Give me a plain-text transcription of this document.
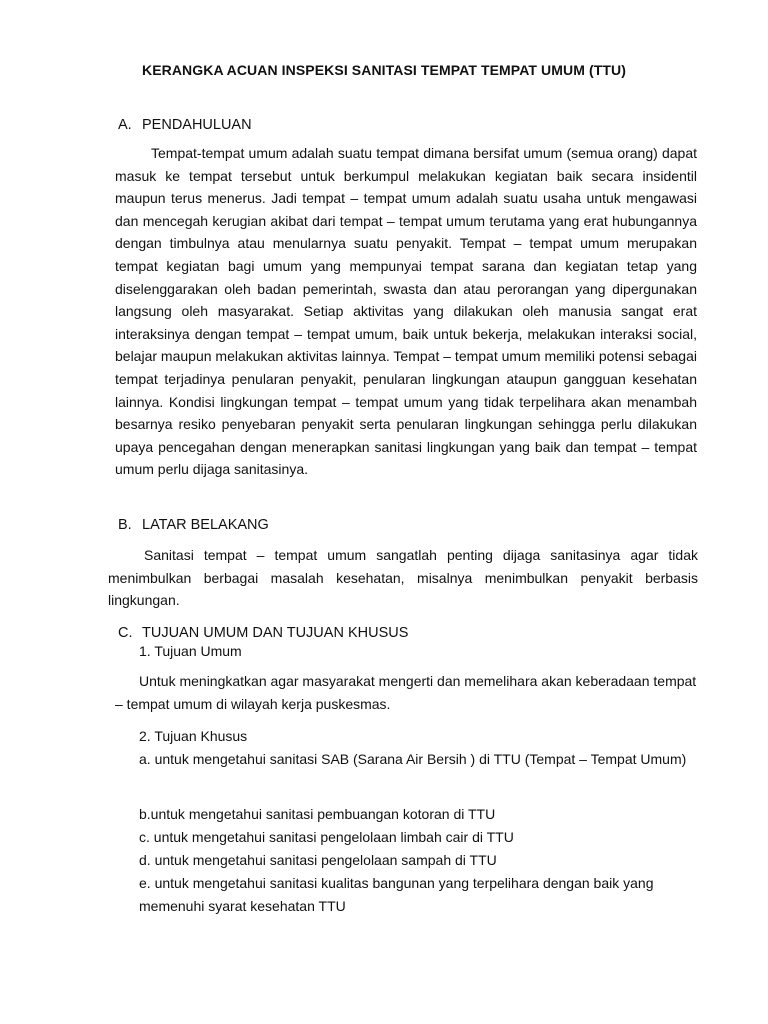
KERANGKA ACUAN INSPEKSI SANITASI TEMPAT TEMPAT UMUM (TTU)
A. PENDAHULUAN

Tempat-tempat umum adalah suatu tempat dimana bersifat umum (semua orang) dapat masuk ke tempat tersebut untuk berkumpul melakukan kegiatan baik secara insidentil maupun terus menerus. Jadi tempat – tempat umum adalah suatu usaha untuk mengawasi dan mencegah kerugian akibat dari tempat – tempat umum terutama yang erat hubungannya dengan timbulnya atau menularnya suatu penyakit. Tempat – tempat umum merupakan tempat kegiatan bagi umum yang mempunyai tempat sarana dan kegiatan tetap yang diselenggarakan oleh badan pemerintah, swasta dan atau perorangan yang dipergunakan langsung oleh masyarakat. Setiap aktivitas yang dilakukan oleh manusia sangat erat interaksinya dengan tempat – tempat umum, baik untuk bekerja, melakukan interaksi social, belajar maupun melakukan aktivitas lainnya. Tempat – tempat umum memiliki potensi sebagai tempat terjadinya penularan penyakit, penularan lingkungan ataupun gangguan kesehatan lainnya. Kondisi lingkungan tempat – tempat umum yang tidak terpelihara akan menambah besarnya resiko penyebaran penyakit serta penularan lingkungan sehingga perlu dilakukan upaya pencegahan dengan menerapkan sanitasi lingkungan yang baik dan tempat – tempat umum perlu dijaga sanitasinya.

B. LATAR BELAKANG

Sanitasi tempat – tempat umum sangatlah penting dijaga sanitasinya agar tidak menimbulkan berbagai masalah kesehatan, misalnya menimbulkan penyakit berbasis lingkungan.

C. TUJUAN UMUM DAN TUJUAN KHUSUS
1. Tujuan Umum

Untuk meningkatkan agar masyarakat mengerti dan memelihara akan keberadaan tempat – tempat umum di wilayah kerja puskesmas.

2. Tujuan Khusus

a. untuk mengetahui sanitasi SAB (Sarana Air Bersih ) di TTU (Tempat – Tempat Umum)

b.untuk mengetahui sanitasi pembuangan kotoran di TTU
c. untuk mengetahui sanitasi pengelolaan limbah cair di TTU
d. untuk mengetahui sanitasi pengelolaan sampah di TTU

e. untuk mengetahui sanitasi kualitas bangunan yang terpelihara dengan baik yang memenuhi syarat kesehatan TTU
